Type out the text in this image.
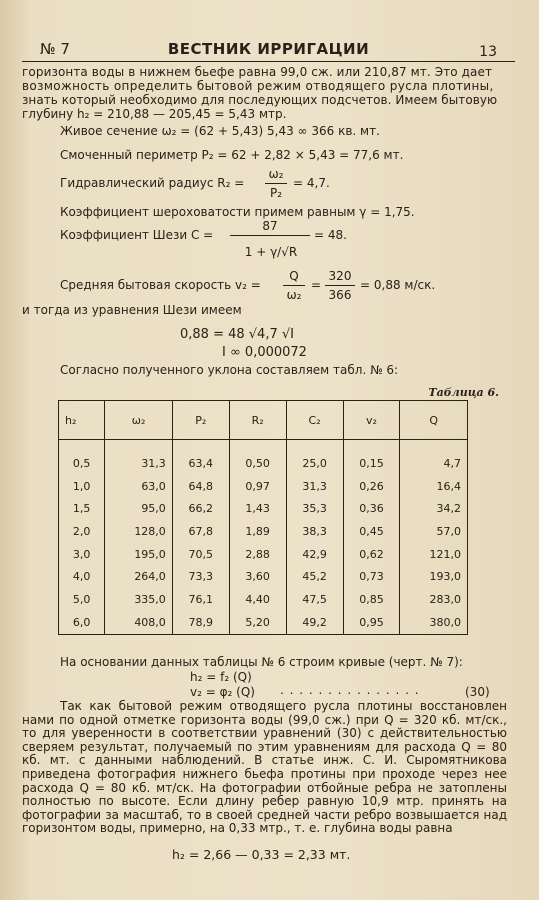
№ 7	ВЕСТНИК ИРРИГАЦИИ	13
горизонта воды в нижнем бьефе равна 99,0 сж. или 210,87 мт. Это дает
возможность определить бытовой режим отводящего русла плотины,
знать который необходимо для последующих подсчетов. Имеем бытовую
глубину h₂ = 210,88 — 205,45 = 5,43 мтр.
Живое сечение ω₂ = (62 + 5,43) 5,43 ∞ 366 кв. мт.
Смоченный периметр P₂ = 62 + 2,82 × 5,43 = 77,6 мт.
Гидравлический радиус R₂ =
ω₂
P₂
= 4,7.
Коэффициент шероховатости примем равным γ = 1,75.
Коэффициент Шези C =
87
1 + γ/√R
= 48.
Средняя бытовая скорость v₂ =
Q
ω₂
=
320
366
= 0,88 м/ск.
и тогда из уравнения Шези имеем
0,88 = 48 √4,7 √I
I ∞ 0,000072
Согласно полученного уклона составляем табл. № 6:
Таблица 6.
h₂	ω₂	P₂	R₂	C₂	v₂	Q

0,5	31,3	63,4	0,50	25,0	0,15	4,7
1,0	63,0	64,8	0,97	31,3	0,26	16,4
1,5	95,0	66,2	1,43	35,3	0,36	34,2
2,0	128,0	67,8	1,89	38,3	0,45	57,0
3,0	195,0	70,5	2,88	42,9	0,62	121,0
4,0	264,0	73,3	3,60	45,2	0,73	193,0
5,0	335,0	76,1	4,40	47,5	0,85	283,0
6,0	408,0	78,9	5,20	49,2	0,95	380,0
На основании данных таблицы № 6 строим кривые (черт. № 7):
h₂ = f₂ (Q)
v₂ = φ₂ (Q) . . . . . . . . . . . . . . .	(30)
Так как бытовой режим отводящего русла плотины восстановлен нами по одной отметке горизонта воды (99,0 сж.) при Q = 320 кб. мт/ск., то для уверенности в соответствии уравнений (30) с действительностью сверяем результат, получаемый по этим уравнениям для расхода Q = 80 кб. мт. с данными наблюдений. В статье инж. С. И. Сыромятникова приведена фотография нижнего бьефа протины при проходе через нее расхода Q = 80 кб. мт/ск. На фотографии отбойные ребра не затоплены полностью по высоте. Если длину ребер равную 10,9 мтр. принять на фотографии за масштаб, то в своей средней части ребро возвышается над горизонтом воды, примерно, на 0,33 мтр., т. е. глубина воды равна
h₂ = 2,66 — 0,33 = 2,33 мт.
